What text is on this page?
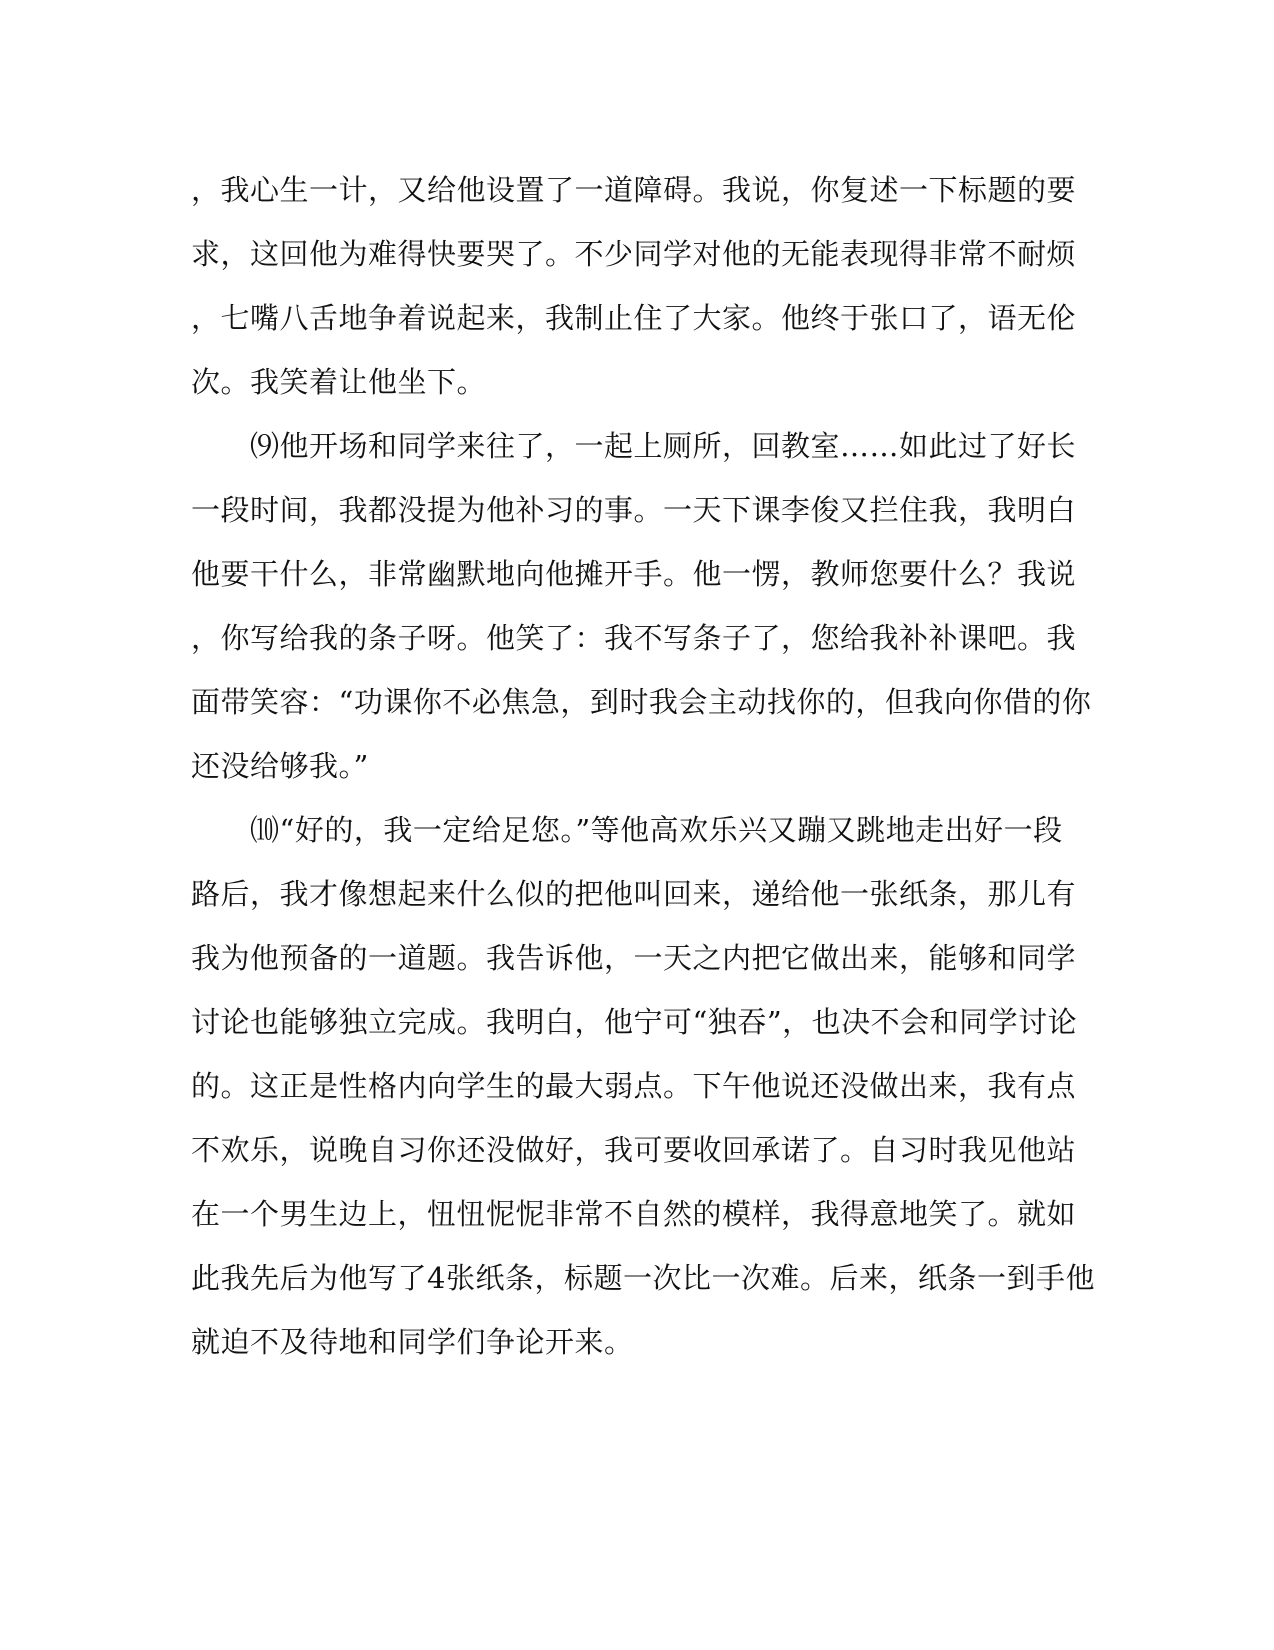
，我心生一计，又给他设置了一道障碍。我说，你复述一下标题的要
求，这回他为难得快要哭了。不少同学对他的无能表现得非常不耐烦
，七嘴八舌地争着说起来，我制止住了大家。他终于张口了，语无伦
次。我笑着让他坐下。
　　⑼他开场和同学来往了，一起上厕所，回教室……如此过了好长
一段时间，我都没提为他补习的事。一天下课李俊又拦住我，我明白
他要干什么，非常幽默地向他摊开手。他一愣，教师您要什么？我说
，你写给我的条子呀。他笑了：我不写条子了，您给我补补课吧。我
面带笑容：“功课你不必焦急，到时我会主动找你的，但我向你借的你
还没给够我。”
　　⑽“好的，我一定给足您。”等他高欢乐兴又蹦又跳地走出好一段
路后，我才像想起来什么似的把他叫回来，递给他一张纸条，那儿有
我为他预备的一道题。我告诉他，一天之内把它做出来，能够和同学
讨论也能够独立完成。我明白，他宁可“独吞”，也决不会和同学讨论
的。这正是性格内向学生的最大弱点。下午他说还没做出来，我有点
不欢乐，说晚自习你还没做好，我可要收回承诺了。自习时我见他站
在一个男生边上，忸忸怩怩非常不自然的模样，我得意地笑了。就如
此我先后为他写了4张纸条，标题一次比一次难。后来，纸条一到手他
就迫不及待地和同学们争论开来。
